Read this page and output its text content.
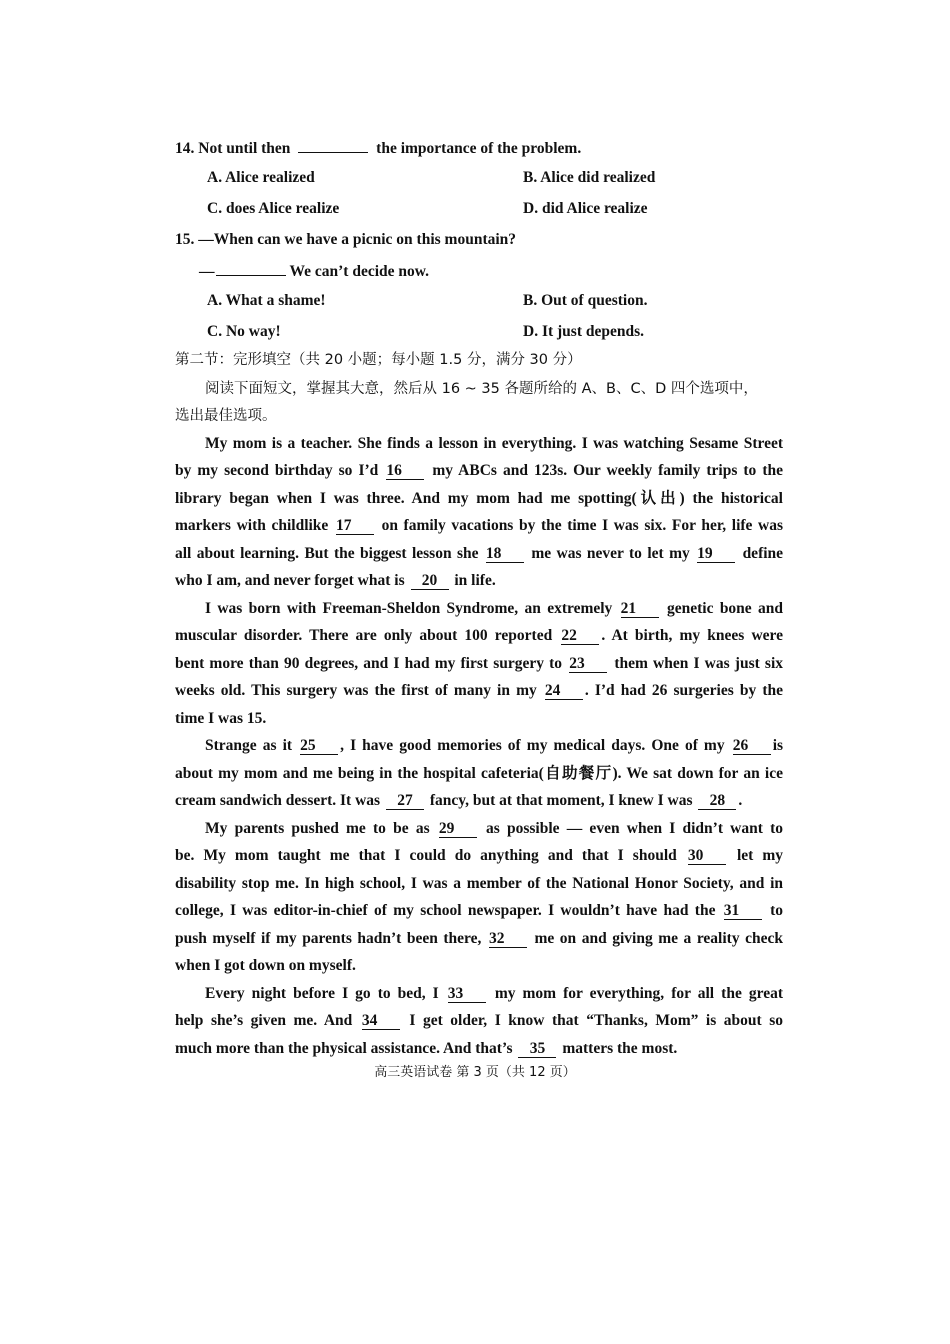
14. Not until then	the importance of the problem.
A. Alice realized	B. Alice did realized
C. does Alice realize	D. did Alice realize
15. —When can we have a picnic on this mountain?
—	We can’t decide now.
A. What a shame!	B. Out of question.
C. No way!	D. It just depends.
第二节：完形填空（共 20 小题；每小题 1.5 分，满分 30 分）
阅读下面短文，掌握其大意，然后从 16 ~ 35 各题所给的 A、B、C、D 四个选项中，
选出最佳选项。
My mom is a teacher. She finds a lesson in everything. I was watching Sesame Street
by my second birthday so I’d 16 my ABCs and 123s. Our weekly family trips to the
library began when I was three. And my mom had me spotting(认出) the historical
markers with childlike 17 on family vacations by the time I was six. For her, life was
all about learning. But the biggest lesson she 18 me was never to let my 19 define
who I am, and never forget what is 20 in life.
I was born with Freeman-Sheldon Syndrome, an extremely 21 genetic bone and
muscular disorder. There are only about 100 reported 22 . At birth, my knees were
bent more than 90 degrees, and I had my first surgery to 23 them when I was just six
weeks old. This surgery was the first of many in my 24 . I’d had 26 surgeries by the
time I was 15.
Strange as it 25 , I have good memories of my medical days. One of my 26 is
about my mom and me being in the hospital cafeteria(自助餐厅). We sat down for an ice
cream sandwich dessert. It was 27 fancy, but at that moment, I knew I was 28 .
My parents pushed me to be as 29 as possible — even when I didn’t want to
be. My mom taught me that I could do anything and that I should 30 let my
disability stop me. In high school, I was a member of the National Honor Society, and in
college, I was editor-in-chief of my school newspaper. I wouldn’t have had the 31 to
push myself if my parents hadn’t been there, 32 me on and giving me a reality check
when I got down on myself.
Every night before I go to bed, I 33 my mom for everything, for all the great
help she’s given me. And 34 I get older, I know that “Thanks, Mom” is about so
much more than the physical assistance. And that’s 35 matters the most.
高三英语试卷 第 3 页（共 12 页）
